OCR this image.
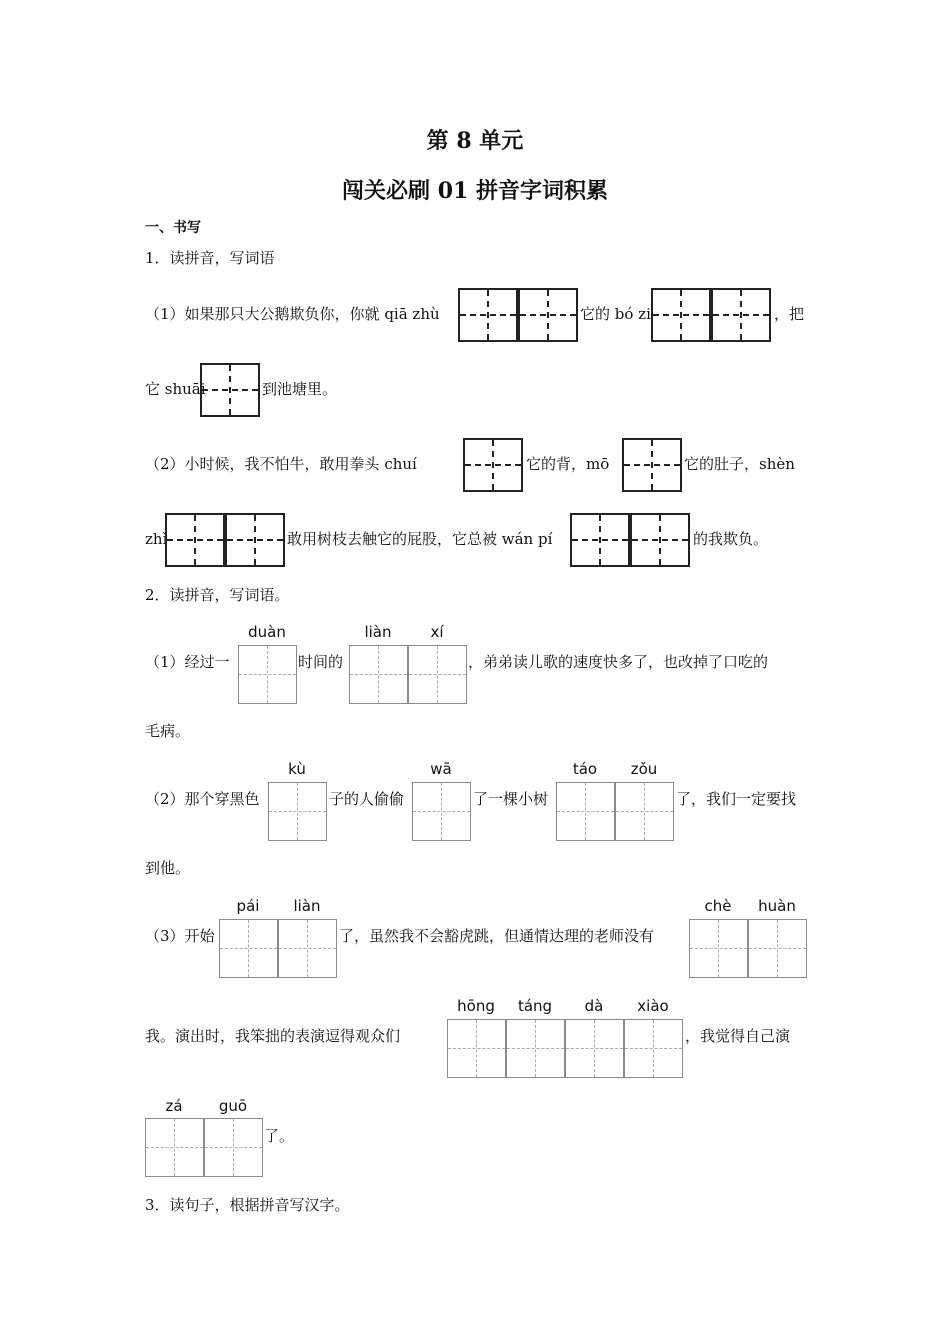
第 8 单元
闯关必刷 01 拼音字词积累
一、书写
1．读拼音，写词语
（1）如果那只大公鹅欺负你，你就 qiā zhù	它的 bó zi	，把
它 shuāi	到池塘里。
（2）小时候，我不怕牛，敢用拳头 chuí	它的背，mō	它的肚子，shèn
zhì	敢用树枝去触它的屁股，它总被 wán pí	的我欺负。
2．读拼音，写词语。
duàn	liàn	xí
（1）经过一	时间的	，弟弟读儿歌的速度快多了，也改掉了口吃的
毛病。
kù	wā	táo	zǒu
（2）那个穿黑色	子的人偷偷	了一棵小树	了，我们一定要找
到他。
pái	liàn	chè	huàn
（3）开始	了，虽然我不会豁虎跳，但通情达理的老师没有
hōng	táng	dà	xiào
我。演出时，我笨拙的表演逗得观众们	，我觉得自己演
zá	guō
了。
3．读句子，根据拼音写汉字。
